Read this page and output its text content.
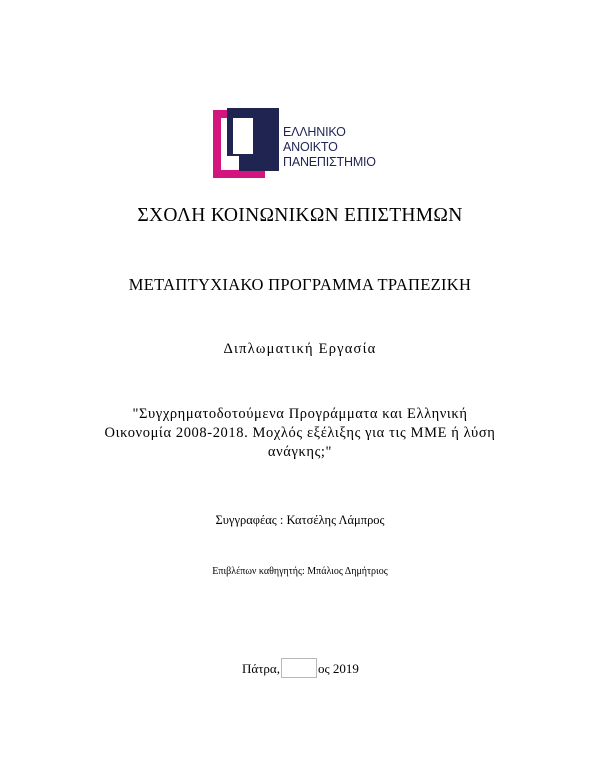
ΕΛΛΗΝΙΚΟ
ΑΝΟΙΚΤΟ
ΠΑΝΕΠΙΣΤΗΜΙΟ
ΣΧΟΛΗ ΚΟΙΝΩΝΙΚΩΝ ΕΠΙΣΤΗΜΩΝ
ΜΕΤΑΠΤΥΧΙΑΚΟ ΠΡΟΓΡΑΜΜΑ ΤΡΑΠΕΖΙΚΗ
Διπλωματική Εργασία
"Συγχρηματοδοτούμενα Προγράμματα και Ελληνική
Οικονομία 2008-2018. Μοχλός εξέλιξης για τις ΜΜΕ ή λύση
ανάγκης;"
Συγγραφέας : Κατσέλης Λάμπρος
Επιβλέπων καθηγητής: Μπάλιος Δημήτριος
Πάτρα,	ος 2019
